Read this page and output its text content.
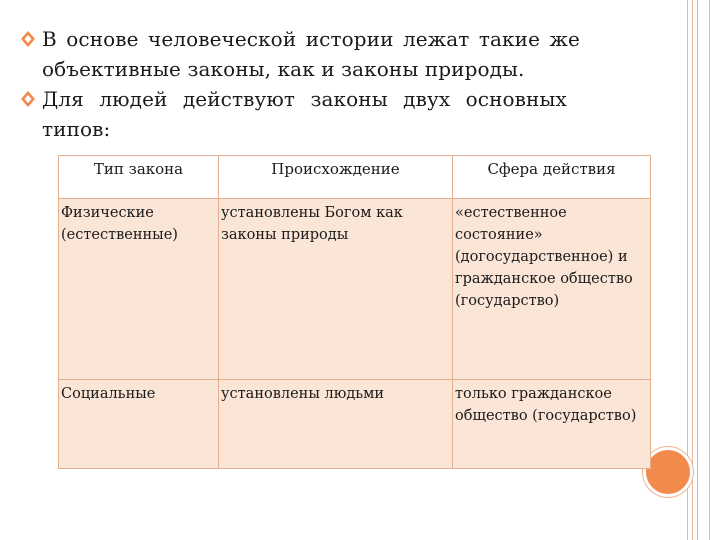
В основе человеческой истории лежат такие же
объективные законы, как и законы природы.
Для людей действуют законы двух основных
типов:
Тип закона	Происхождение	Сфера действия
Физические (естественные)	установлены Богом как законы природы	«естественное состояние» (догосударственное) и гражданское общество (государство)
Социальные	установлены людьми	только гражданское общество (государство)
